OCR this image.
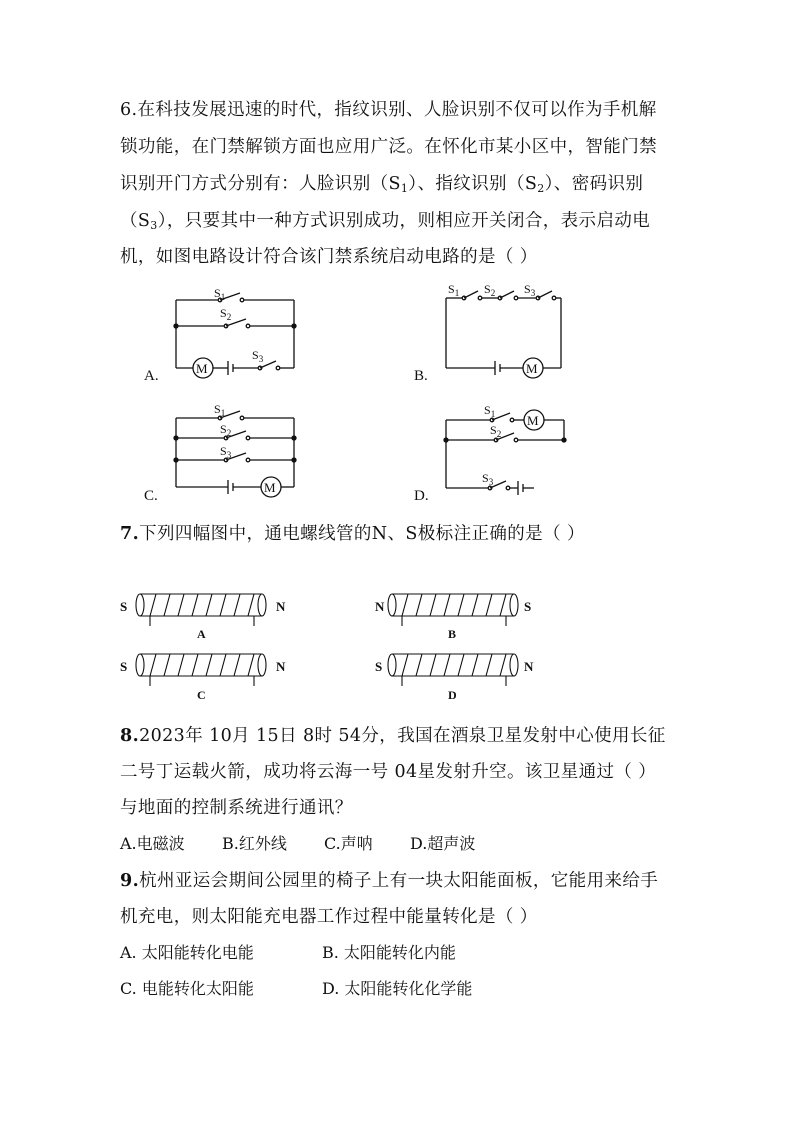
6.在科技发展迅速的时代，指纹识别、人脸识别不仅可以作为手机解
锁功能，在门禁解锁方面也应用广泛。在怀化市某小区中，智能门禁
识别开门方式分别有：人脸识别$(S_1)$、指纹识别$(S_2)$、密码识别
$(S_3)$，只要其中一种方式识别成功，则相应开关闭合，表示启动电
机，如图电路设计符合该门禁系统启动电路的是（ ）
A.
$S_1$
$S_2$
M
$S_3$
B.
$S_1$ $S_2$ $S_3$
M
C.
$S_1$
$S_2$
$S_3$
M
D.
$S_1$
$S_2$
$S_3$
M
7.下列四幅图中，通电螺线管的N、S极标注正确的是（ ）
S	N
A
N	S
B
S	N
C
S	N
D
8.2023年 10月 15日 8时 54分，我国在酒泉卫星发射中心使用长征
二号丁运载火箭，成功将云海一号 04星发射升空。该卫星通过（ ）
与地面的控制系统进行通讯？
A.电磁波 B.红外线 C.声呐 D.超声波
9.杭州亚运会期间公园里的椅子上有一块太阳能面板，它能用来给手
机充电，则太阳能充电器工作过程中能量转化是（ ）
A. 太阳能转化电能	B. 太阳能转化内能
C. 电能转化太阳能	D. 太阳能转化化学能
